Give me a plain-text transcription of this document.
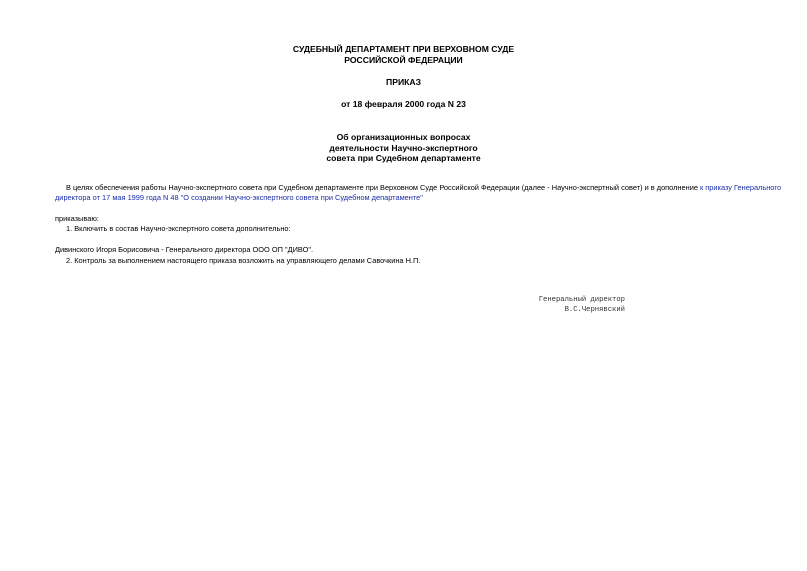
СУДЕБНЫЙ ДЕПАРТАМЕНТ ПРИ ВЕРХОВНОМ СУДЕ
РОССИЙСКОЙ ФЕДЕРАЦИИ
ПРИКАЗ
от 18 февраля 2000 года N 23
Об организационных вопросах
деятельности Научно-экспертного
совета при Судебном департаменте
В целях обеспечения работы Научно-экспертного совета при Судебном департаменте при Верховном Суде Российской Федерации (далее - Научно-экспертный совет) и в дополнение к приказу Генерального
директора от 17 мая 1999 года N 48 "О создании Научно-экспертного совета при Судебном департаменте"
приказываю:
1. Включить в состав Научно-экспертного совета дополнительно:
Дивинского Игоря Борисовича - Генерального директора ООО ОП "ДИВО".
2. Контроль за выполнением настоящего приказа возложить на управляющего делами Савочкина Н.П.
Генеральный директор
В.С.Чернявский
